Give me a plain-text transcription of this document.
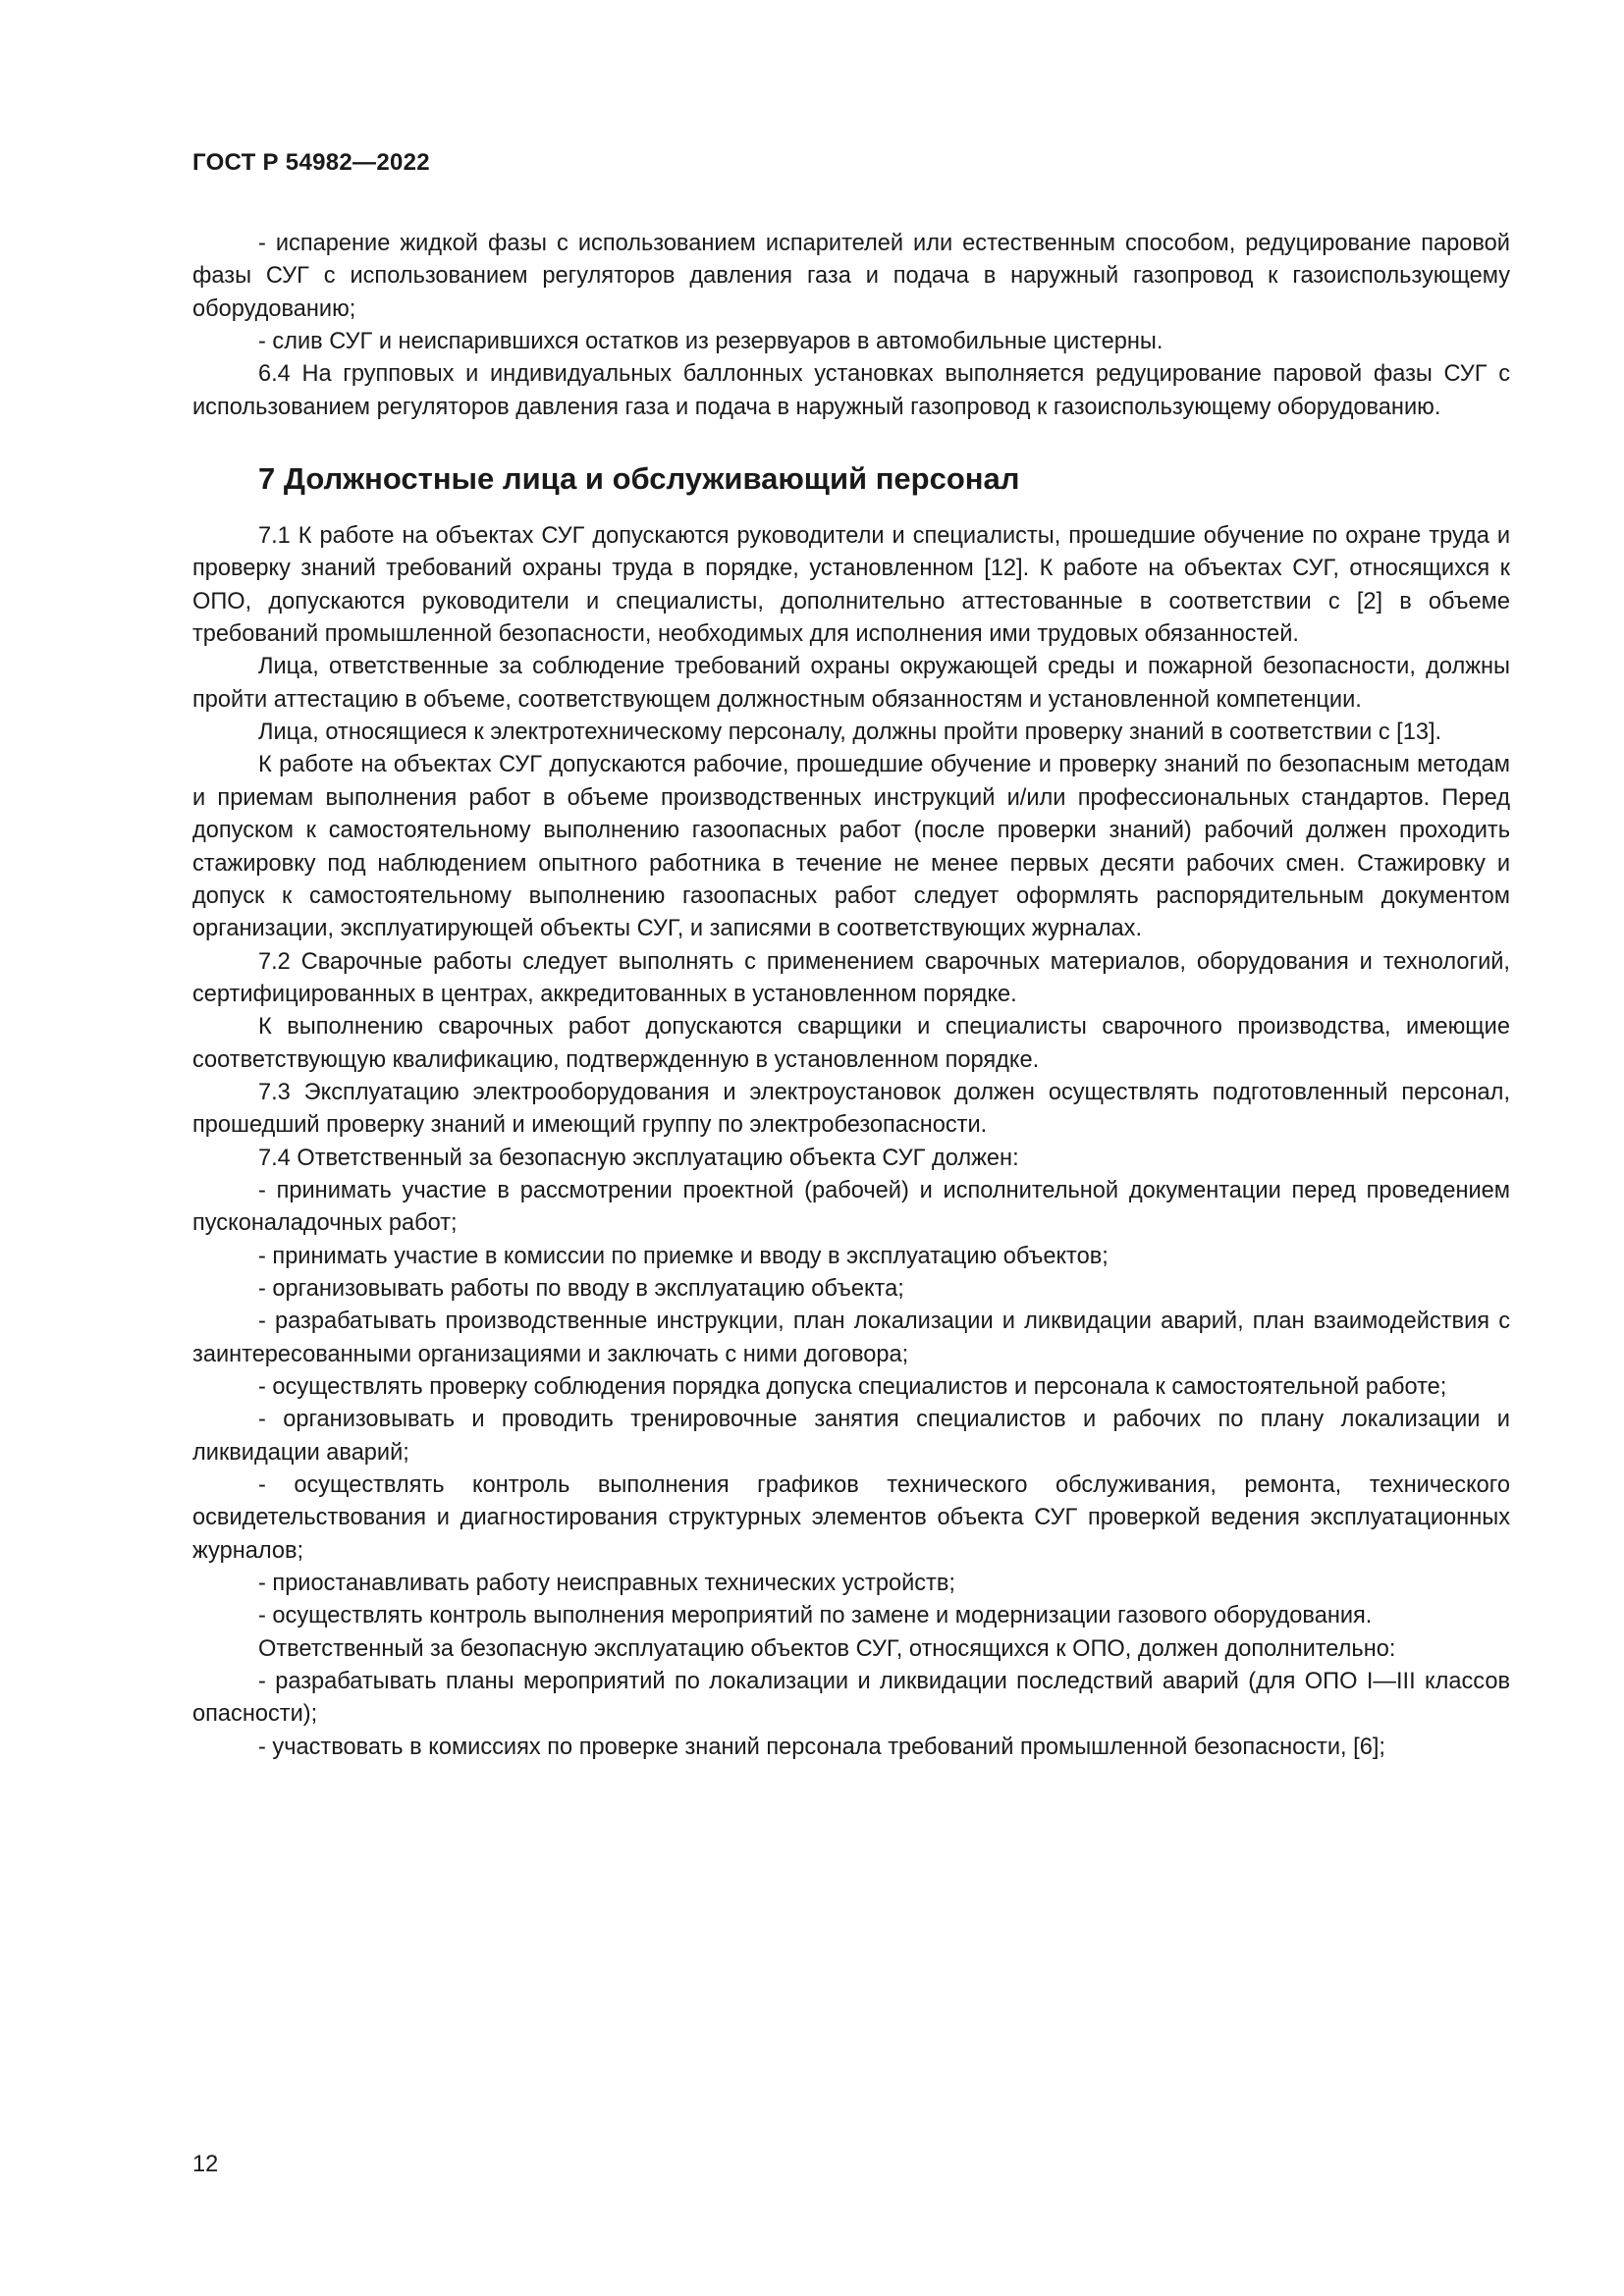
ГОСТ Р 54982—2022

- испарение жидкой фазы с использованием испарителей или естественным способом, редуцирование паровой фазы СУГ с использованием регуляторов давления газа и подача в наружный газопровод к газоиспользующему оборудованию;

- слив СУГ и неиспарившихся остатков из резервуаров в автомобильные цистерны.

6.4 На групповых и индивидуальных баллонных установках выполняется редуцирование паровой фазы СУГ с использованием регуляторов давления газа и подача в наружный газопровод к газоиспользующему оборудованию.

7 Должностные лица и обслуживающий персонал

7.1 К работе на объектах СУГ допускаются руководители и специалисты, прошедшие обучение по охране труда и проверку знаний требований охраны труда в порядке, установленном [12]. К работе на объектах СУГ, относящихся к ОПО, допускаются руководители и специалисты, дополнительно аттестованные в соответствии с [2] в объеме требований промышленной безопасности, необходимых для исполнения ими трудовых обязанностей.

Лица, ответственные за соблюдение требований охраны окружающей среды и пожарной безопасности, должны пройти аттестацию в объеме, соответствующем должностным обязанностям и установленной компетенции.

Лица, относящиеся к электротехническому персоналу, должны пройти проверку знаний в соответствии с [13].

К работе на объектах СУГ допускаются рабочие, прошедшие обучение и проверку знаний по безопасным методам и приемам выполнения работ в объеме производственных инструкций и/или профессиональных стандартов. Перед допуском к самостоятельному выполнению газоопасных работ (после проверки знаний) рабочий должен проходить стажировку под наблюдением опытного работника в течение не менее первых десяти рабочих смен. Стажировку и допуск к самостоятельному выполнению газоопасных работ следует оформлять распорядительным документом организации, эксплуатирующей объекты СУГ, и записями в соответствующих журналах.

7.2 Сварочные работы следует выполнять с применением сварочных материалов, оборудования и технологий, сертифицированных в центрах, аккредитованных в установленном порядке.

К выполнению сварочных работ допускаются сварщики и специалисты сварочного производства, имеющие соответствующую квалификацию, подтвержденную в установленном порядке.

7.3 Эксплуатацию электрооборудования и электроустановок должен осуществлять подготовленный персонал, прошедший проверку знаний и имеющий группу по электробезопасности.

7.4 Ответственный за безопасную эксплуатацию объекта СУГ должен:

- принимать участие в рассмотрении проектной (рабочей) и исполнительной документации перед проведением пусконаладочных работ;

- принимать участие в комиссии по приемке и вводу в эксплуатацию объектов;

- организовывать работы по вводу в эксплуатацию объекта;

- разрабатывать производственные инструкции, план локализации и ликвидации аварий, план взаимодействия с заинтересованными организациями и заключать с ними договора;

- осуществлять проверку соблюдения порядка допуска специалистов и персонала к самостоятельной работе;

- организовывать и проводить тренировочные занятия специалистов и рабочих по плану локализации и ликвидации аварий;

- осуществлять контроль выполнения графиков технического обслуживания, ремонта, технического освидетельствования и диагностирования структурных элементов объекта СУГ проверкой ведения эксплуатационных журналов;

- приостанавливать работу неисправных технических устройств;

- осуществлять контроль выполнения мероприятий по замене и модернизации газового оборудования.

Ответственный за безопасную эксплуатацию объектов СУГ, относящихся к ОПО, должен дополнительно:

- разрабатывать планы мероприятий по локализации и ликвидации последствий аварий (для ОПО I—III классов опасности);

- участвовать в комиссиях по проверке знаний персонала требований промышленной безопасности, [6];

12
